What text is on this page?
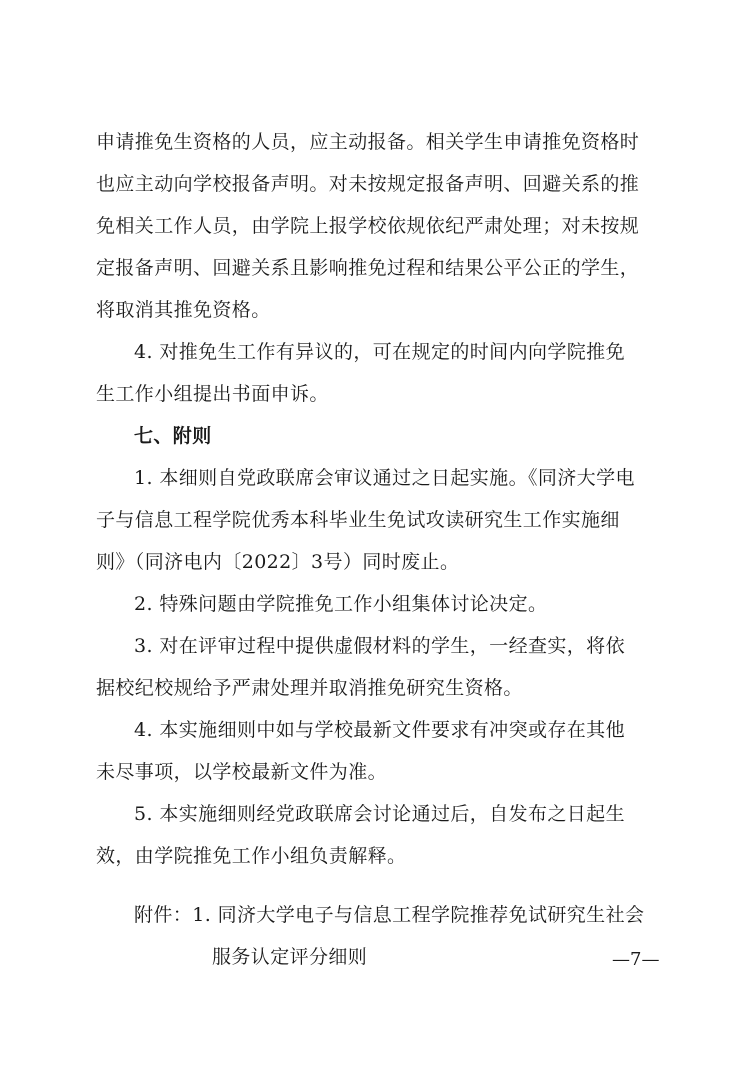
申请推免生资格的人员，应主动报备。相关学生申请推免资格时
也应主动向学校报备声明。对未按规定报备声明、回避关系的推
免相关工作人员，由学院上报学校依规依纪严肃处理；对未按规
定报备声明、回避关系且影响推免过程和结果公平公正的学生，
将取消其推免资格。
4. 对推免生工作有异议的，可在规定的时间内向学院推免
生工作小组提出书面申诉。
七、附则
1. 本细则自党政联席会审议通过之日起实施。《同济大学电
子与信息工程学院优秀本科毕业生免试攻读研究生工作实施细
则》（同济电内〔2022〕3号）同时废止。
2. 特殊问题由学院推免工作小组集体讨论决定。
3. 对在评审过程中提供虚假材料的学生，一经查实，将依
据校纪校规给予严肃处理并取消推免研究生资格。
4. 本实施细则中如与学校最新文件要求有冲突或存在其他
未尽事项，以学校最新文件为准。
5. 本实施细则经党政联席会讨论通过后，自发布之日起生
效，由学院推免工作小组负责解释。
附件：1. 同济大学电子与信息工程学院推荐免试研究生社会
服务认定评分细则	—7—
